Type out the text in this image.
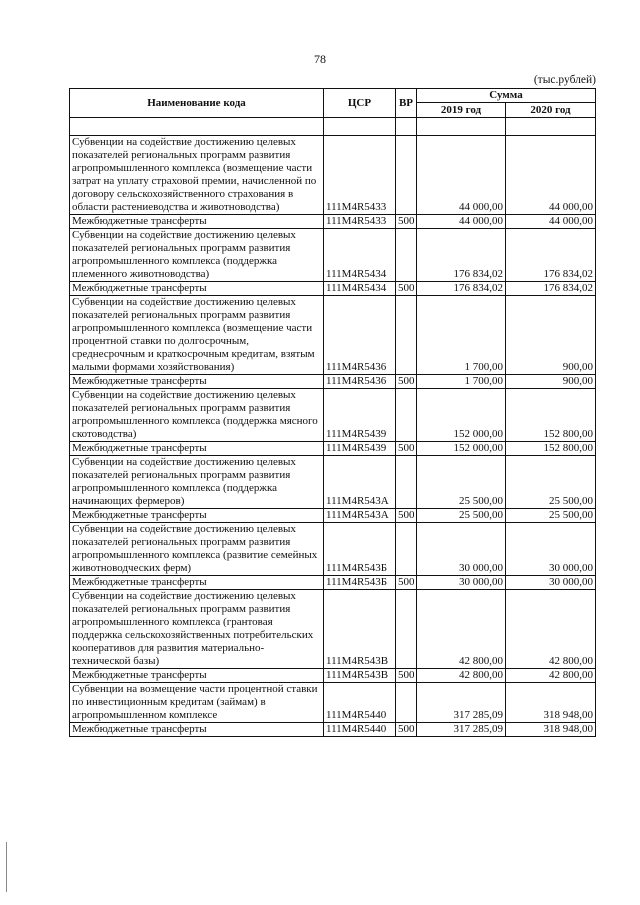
78
(тыс.рублей)
Наименование кода	ЦСР	ВР	Сумма	
			2019 год	2020 год

Субвенции на содействие достижению целевых показателей региональных программ развития агропромышленного комплекса (возмещение части затрат на уплату страховой премии, начисленной по договору сельскохозяйственного страхования в области растениеводства и животноводства)	111M4R5433		44 000,00	44 000,00
Межбюджетные трансферты	111M4R5433	500	44 000,00	44 000,00
Субвенции на содействие достижению целевых показателей региональных программ развития агропромышленного комплекса (поддержка племенного животноводства)	111M4R5434		176 834,02	176 834,02
Межбюджетные трансферты	111M4R5434	500	176 834,02	176 834,02
Субвенции на содействие достижению целевых показателей региональных программ развития агропромышленного комплекса (возмещение части процентной ставки по долгосрочным, среднесрочным и краткосрочным кредитам, взятым малыми формами хозяйствования)	111M4R5436		1 700,00	900,00
Межбюджетные трансферты	111M4R5436	500	1 700,00	900,00
Субвенции на содействие достижению целевых показателей региональных программ развития агропромышленного комплекса (поддержка мясного скотоводства)	111M4R5439		152 000,00	152 800,00
Межбюджетные трансферты	111M4R5439	500	152 000,00	152 800,00
Субвенции на содействие достижению целевых показателей региональных программ развития агропромышленного комплекса (поддержка начинающих фермеров)	111M4R543A		25 500,00	25 500,00
Межбюджетные трансферты	111M4R543A	500	25 500,00	25 500,00
Субвенции на содействие достижению целевых показателей региональных программ развития агропромышленного комплекса (развитие семейных животноводческих ферм)	111M4R543Б		30 000,00	30 000,00
Межбюджетные трансферты	111M4R543Б	500	30 000,00	30 000,00
Субвенции на содействие достижению целевых показателей региональных программ развития агропромышленного комплекса (грантовая поддержка сельскохозяйственных потребительских кооперативов для развития материально-технической базы)	111M4R543B		42 800,00	42 800,00
Межбюджетные трансферты	111M4R543B	500	42 800,00	42 800,00
Субвенции на возмещение части процентной ставки по инвестиционным кредитам (займам) в агропромышленном комплексе	111M4R5440		317 285,09	318 948,00
Межбюджетные трансферты	111M4R5440	500	317 285,09	318 948,00
